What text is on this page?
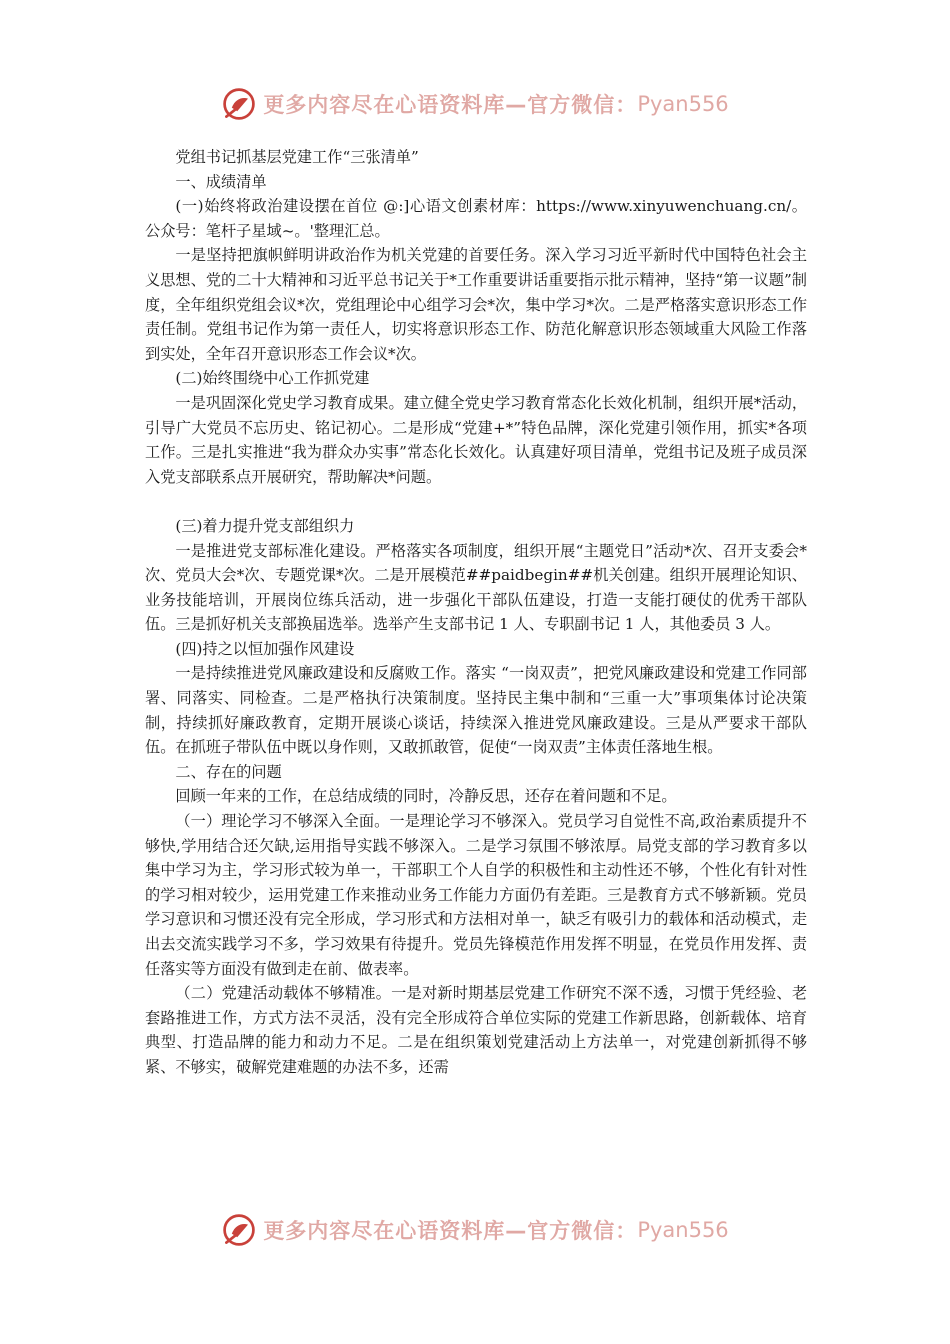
更多内容尽在心语资料库—官方微信： Pyan556

党组书记抓基层党建工作“三张清单”

一、成绩清单

(一)始终将政治建设摆在首位 @:]心语文创素材库：https://www.xinyuwenchuang.cn/。公众号：笔杆子星域~。'整理汇总。

一是坚持把旗帜鲜明讲政治作为机关党建的首要任务。深入学习习近平新时代中国特色社会主义思想、党的二十大精神和习近平总书记关于*工作重要讲话重要指示批示精神，坚持“第一议题”制度，全年组织党组会议*次，党组理论中心组学习会*次，集中学习*次。二是严格落实意识形态工作责任制。党组书记作为第一责任人，切实将意识形态工作、防范化解意识形态领域重大风险工作落到实处，全年召开意识形态工作会议*次。

(二)始终围绕中心工作抓党建

一是巩固深化党史学习教育成果。建立健全党史学习教育常态化长效化机制，组织开展*活动，引导广大党员不忘历史、铭记初心。二是形成“党建+*”特色品牌，深化党建引领作用，抓实*各项工作。三是扎实推进“我为群众办实事”常态化长效化。认真建好项目清单，党组书记及班子成员深入党支部联系点开展研究，帮助解决*问题。

(三)着力提升党支部组织力

一是推进党支部标准化建设。严格落实各项制度，组织开展“主题党日”活动*次、召开支委会*次、党员大会*次、专题党课*次。二是开展模范##paidbegin##机关创建。组织开展理论知识、业务技能培训，开展岗位练兵活动，进一步强化干部队伍建设，打造一支能打硬仗的优秀干部队伍。三是抓好机关支部换届选举。选举产生支部书记 1 人、专职副书记 1 人，其他委员 3 人。

(四)持之以恒加强作风建设

一是持续推进党风廉政建设和反腐败工作。落实 “一岗双责”，把党风廉政建设和党建工作同部署、同落实、同检查。二是严格执行决策制度。坚持民主集中制和“三重一大”事项集体讨论决策制，持续抓好廉政教育，定期开展谈心谈话，持续深入推进党风廉政建设。三是从严要求干部队伍。在抓班子带队伍中既以身作则，又敢抓敢管，促使“一岗双责”主体责任落地生根。

二、存在的问题

回顾一年来的工作，在总结成绩的同时，冷静反思，还存在着问题和不足。

（一）理论学习不够深入全面。一是理论学习不够深入。党员学习自觉性不高,政治素质提升不够快,学用结合还欠缺,运用指导实践不够深入。二是学习氛围不够浓厚。局党支部的学习教育多以集中学习为主，学习形式较为单一，干部职工个人自学的积极性和主动性还不够，个性化有针对性的学习相对较少，运用党建工作来推动业务工作能力方面仍有差距。三是教育方式不够新颖。党员学习意识和习惯还没有完全形成，学习形式和方法相对单一，缺乏有吸引力的载体和活动模式，走出去交流实践学习不多，学习效果有待提升。党员先锋模范作用发挥不明显，在党员作用发挥、责任落实等方面没有做到走在前、做表率。

（二）党建活动载体不够精准。一是对新时期基层党建工作研究不深不透，习惯于凭经验、老套路推进工作，方式方法不灵活，没有完全形成符合单位实际的党建工作新思路，创新载体、培育典型、打造品牌的能力和动力不足。二是在组织策划党建活动上方法单一，对党建创新抓得不够紧、不够实，破解党建难题的办法不多，还需

更多内容尽在心语资料库—官方微信： Pyan556
